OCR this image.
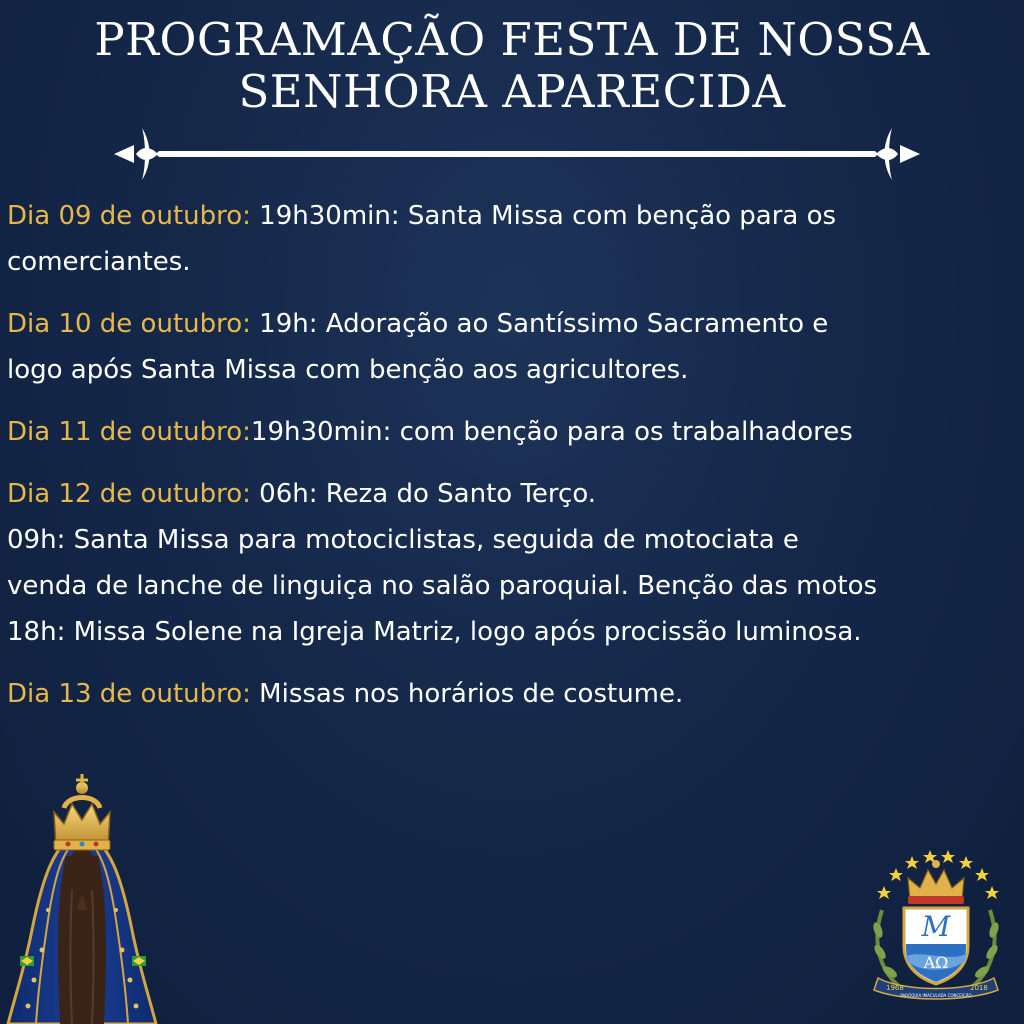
PROGRAMAÇÃO FESTA DE NOSSA
SENHORA APARECIDA
Dia 09 de outubro: 19h30min: Santa Missa com benção para os
comerciantes.
Dia 10 de outubro: 19h: Adoração ao Santíssimo Sacramento e
logo após Santa Missa com benção aos agricultores.
Dia 11 de outubro:19h30min: com benção para os trabalhadores
Dia 12 de outubro: 06h: Reza do Santo Terço.
09h: Santa Missa para motociclistas, seguida de motociata e
venda de lanche de linguiça no salão paroquial. Benção das motos
18h: Missa Solene na Igreja Matriz, logo após procissão luminosa.
Dia 13 de outubro: Missas nos horários de costume.
M
AΩ
1968	2018
PARÓQUIA IMACULADA CONCEIÇÃO
